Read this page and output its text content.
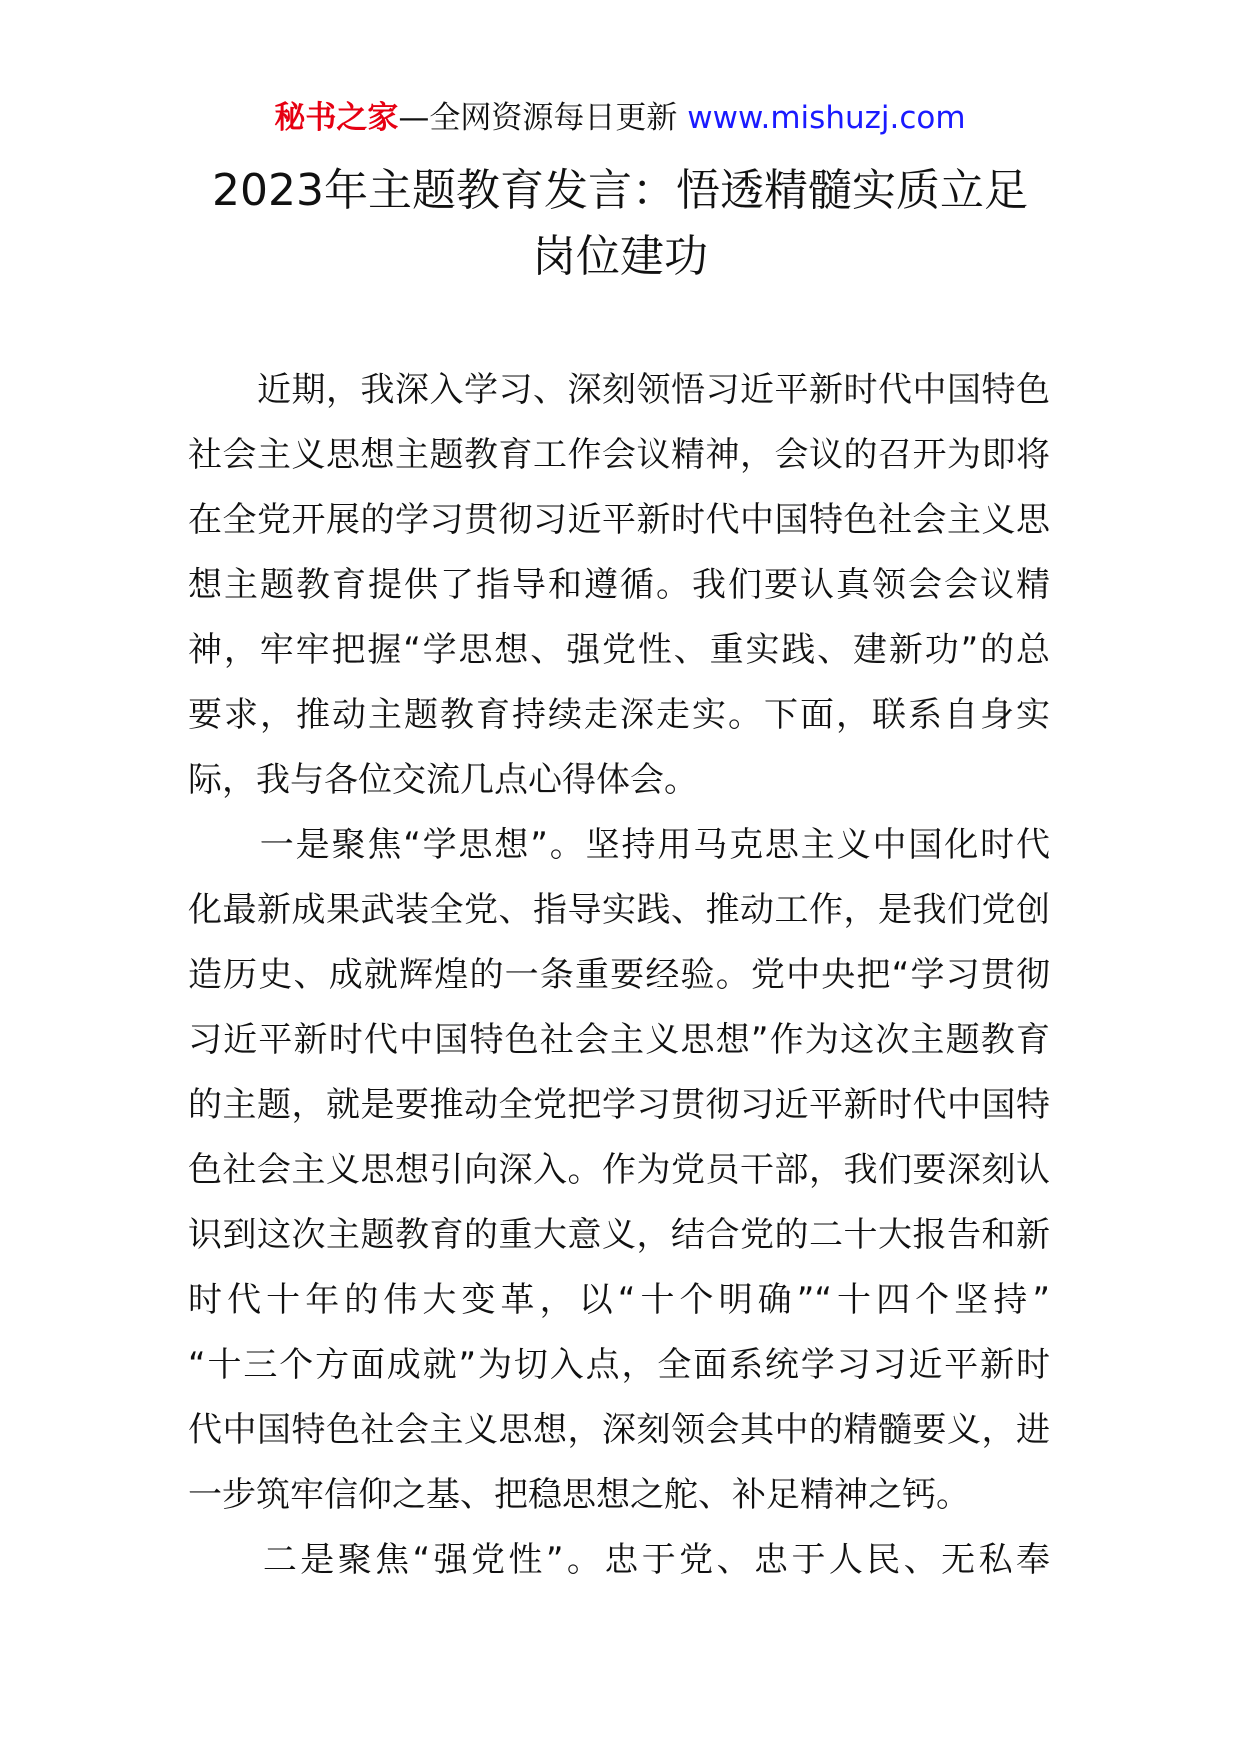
秘书之家—全网资源每日更新 www.mishuzj.com
2023年主题教育发言：悟透精髓实质立足
岗位建功
　　近期，我深入学习、深刻领悟习近平新时代中国特色
社会主义思想主题教育工作会议精神，会议的召开为即将
在全党开展的学习贯彻习近平新时代中国特色社会主义思
想主题教育提供了指导和遵循。我们要认真领会会议精
神，牢牢把握“学思想、强党性、重实践、建新功”的总
要求，推动主题教育持续走深走实。下面，联系自身实
际，我与各位交流几点心得体会。
　　一是聚焦“学思想”。坚持用马克思主义中国化时代
化最新成果武装全党、指导实践、推动工作，是我们党创
造历史、成就辉煌的一条重要经验。党中央把“学习贯彻
习近平新时代中国特色社会主义思想”作为这次主题教育
的主题，就是要推动全党把学习贯彻习近平新时代中国特
色社会主义思想引向深入。作为党员干部，我们要深刻认
识到这次主题教育的重大意义，结合党的二十大报告和新
时代十年的伟大变革，以“十个明确”“十四个坚持”
“十三个方面成就”为切入点，全面系统学习习近平新时
代中国特色社会主义思想，深刻领会其中的精髓要义，进
一步筑牢信仰之基、把稳思想之舵、补足精神之钙。
　　二是聚焦“强党性”。忠于党、忠于人民、无私奉
